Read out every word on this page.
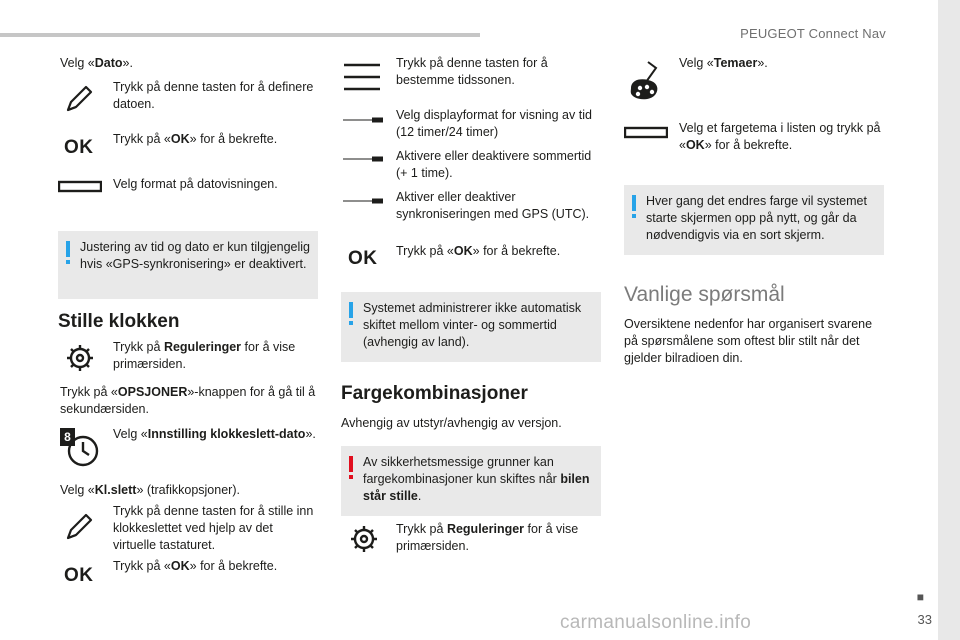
PEUGEOT Connect Nav
Velg «Dato».
Trykk på denne tasten for å definere datoen.
OK Trykk på «OK» for å bekrefte.
Velg format på datovisningen.
Justering av tid og dato er kun tilgjengelig hvis «GPS-synkronisering» er deaktivert.
Stille klokken
Trykk på Reguleringer for å vise primærsiden.
Trykk på «OPSJONER»-knappen for å gå til å sekundærsiden.
8	Velg «Innstilling klokkeslett-dato».
Velg «Kl.slett» (trafikkopsjoner).
Trykk på denne tasten for å stille inn klokkeslettet ved hjelp av det virtuelle tastaturet.
OK Trykk på «OK» for å bekrefte.
Trykk på denne tasten for å bestemme tidssonen.
Velg displayformat for visning av tid (12 timer/24 timer)
Aktivere eller deaktivere sommertid (+ 1 time).
Aktiver eller deaktiver synkroniseringen med GPS (UTC).
OK Trykk på «OK» for å bekrefte.
Systemet administrerer ikke automatisk skiftet mellom vinter- og sommertid (avhengig av land).
Fargekombinasjoner
Avhengig av utstyr/avhengig av versjon.
Av sikkerhetsmessige grunner kan fargekombinasjoner kun skiftes når bilen står stille.
Trykk på Reguleringer for å vise primærsiden.
Velg «Temaer».
Velg et fargetema i listen og trykk på «OK» for å bekrefte.
Hver gang det endres farge vil systemet starte skjermen opp på nytt, og går da nødvendigvis via en sort skjerm.
Vanlige spørsmål
Oversiktene nedenfor har organisert svarene på spørsmålene som oftest blir stilt når det gjelder bilradioen din.
■
33
carmanualsonline.info
